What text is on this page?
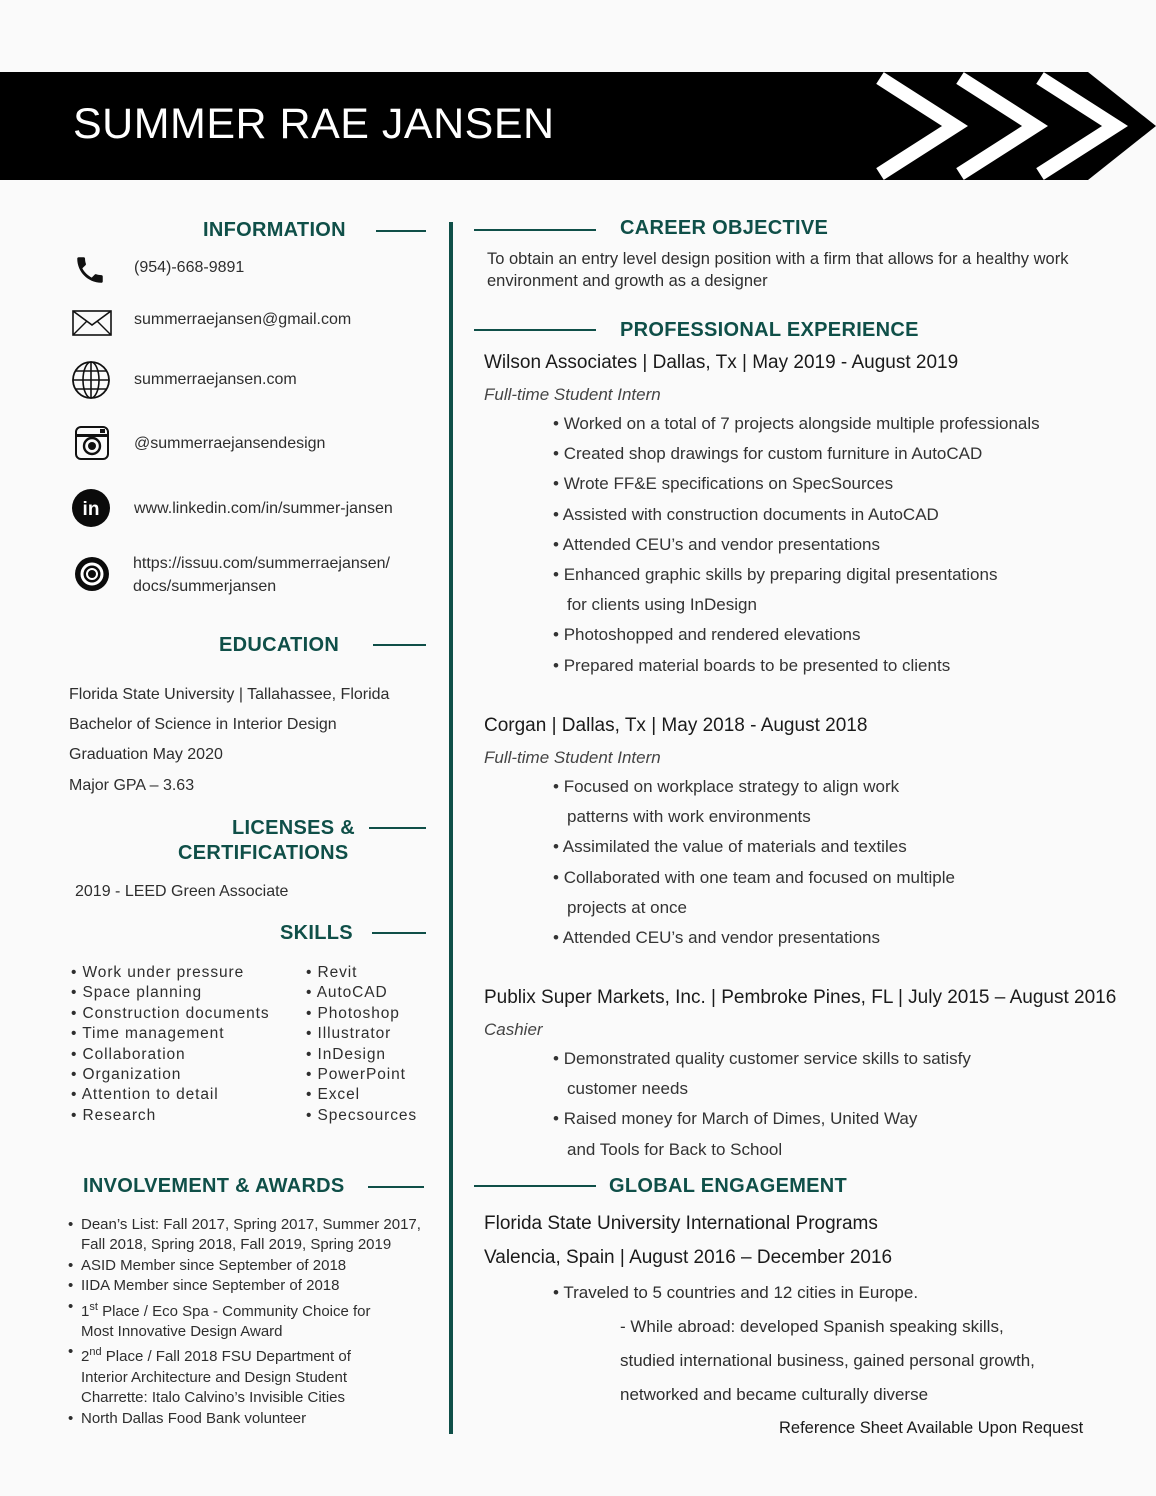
SUMMER RAE JANSEN
INFORMATION
(954)-668-9891
summerraejansen@gmail.com
summerraejansen.com
@summerraejansendesign
in www.linkedin.com/in/summer-jansen
https://issuu.com/summerraejansen/
docs/summerjansen
EDUCATION
Florida State University | Tallahassee, Florida
Bachelor of Science in Interior Design
Graduation May 2020
Major GPA – 3.63
LICENSES &
CERTIFICATIONS
2019 - LEED Green Associate
SKILLS
• Work under pressure
• Space planning
• Construction documents
• Time management
• Collaboration
• Organization
• Attention to detail
• Research
• Revit
• AutoCAD
• Photoshop
• Illustrator
• InDesign
• PowerPoint
• Excel
• Specsources
INVOLVEMENT & AWARDS
• Dean’s List: Fall 2017, Spring 2017, Summer 2017, Fall 2018, Spring 2018, Fall 2019, Spring 2019
• ASID Member since September of 2018
• IIDA Member since September of 2018
• 1st Place / Eco Spa - Community Choice for Most Innovative Design Award
• 2nd Place / Fall 2018 FSU Department of Interior Architecture and Design Student Charrette: Italo Calvino’s Invisible Cities
• North Dallas Food Bank volunteer
CAREER OBJECTIVE
To obtain an entry level design position with a firm that allows for a healthy work environment and growth as a designer
PROFESSIONAL EXPERIENCE
Wilson Associates | Dallas, Tx | May 2019 - August 2019
Full-time Student Intern
• Worked on a total of 7 projects alongside multiple professionals
• Created shop drawings for custom furniture in AutoCAD
• Wrote FF&E specifications on SpecSources
• Assisted with construction documents in AutoCAD
• Attended CEU’s and vendor presentations
• Enhanced graphic skills by preparing digital presentations
for clients using InDesign
• Photoshopped and rendered elevations
• Prepared material boards to be presented to clients
Corgan | Dallas, Tx | May 2018 - August 2018
Full-time Student Intern
• Focused on workplace strategy to align work
patterns with work environments
• Assimilated the value of materials and textiles
• Collaborated with one team and focused on multiple
projects at once
• Attended CEU’s and vendor presentations
Publix Super Markets, Inc. | Pembroke Pines, FL | July 2015 – August 2016
Cashier
• Demonstrated quality customer service skills to satisfy
customer needs
• Raised money for March of Dimes, United Way
and Tools for Back to School
GLOBAL ENGAGEMENT
Florida State University International Programs
Valencia, Spain | August 2016 – December 2016
• Traveled to 5 countries and 12 cities in Europe.
- While abroad: developed Spanish speaking skills,
studied international business, gained personal growth,
networked and became culturally diverse
Reference Sheet Available Upon Request
